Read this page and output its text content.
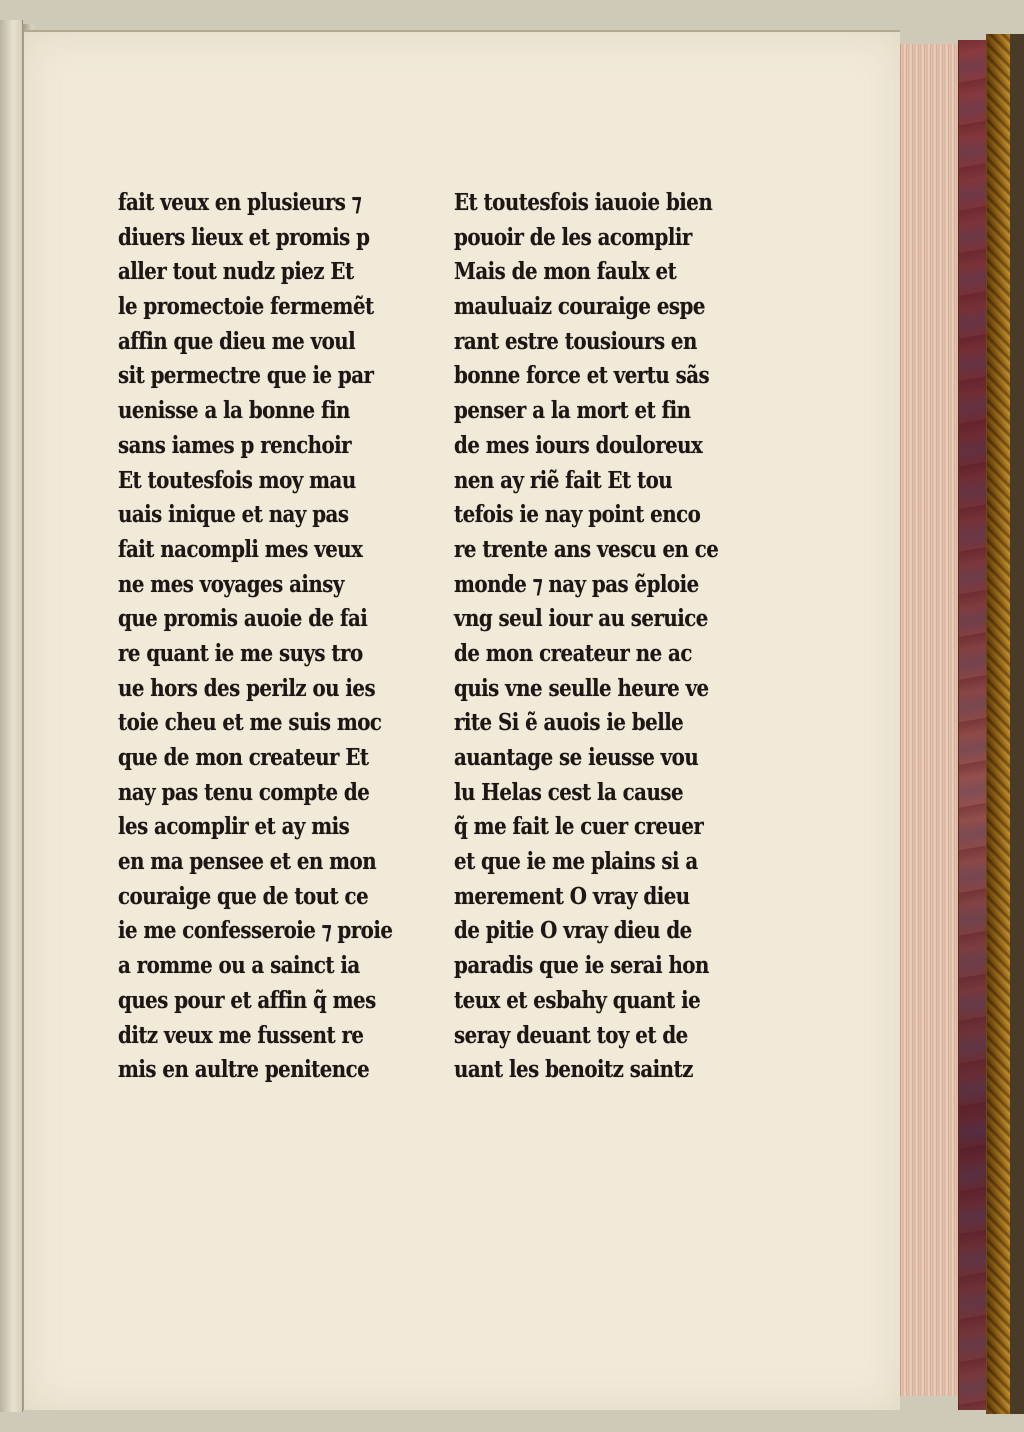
fait veux en plusieurs ⁊
diuers lieux et promis p
aller tout nudz piez Et
le promectoie fermemẽt
affin que dieu me voul
sit permectre que ie par
uenisse a la bonne fin
sans iames p renchoir
Et toutesfois moy mau
uais inique et nay pas
fait nacompli mes veux
ne mes voyages ainsy
que promis auoie de fai
re quant ie me suys tro
ue hors des perilz ou ies
toie cheu et me suis moc
que de mon createur Et
nay pas tenu compte de
les acomplir et ay mis
en ma pensee et en mon
couraige que de tout ce
ie me confesseroie ⁊ proie
a romme ou a sainct ia
ques pour et affin q̃ mes
ditz veux me fussent re
mis en aultre penitence
Et toutesfois iauoie bien
pouoir de les acomplir
Mais de mon faulx et
mauluaiz couraige espe
rant estre tousiours en
bonne force et vertu sãs
penser a la mort et fin
de mes iours douloreux
nen ay riẽ fait Et tou
tefois ie nay point enco
re trente ans vescu en ce
monde ⁊ nay pas ẽploie
vng seul iour au seruice
de mon createur ne ac
quis vne seulle heure ve
rite Si ẽ auois ie belle
auantage se ieusse vou
lu Helas cest la cause
q̃ me fait le cuer creuer
et que ie me plains si a
merement O vray dieu
de pitie O vray dieu de
paradis que ie serai hon
teux et esbahy quant ie
seray deuant toy et de
uant les benoitz saintz
